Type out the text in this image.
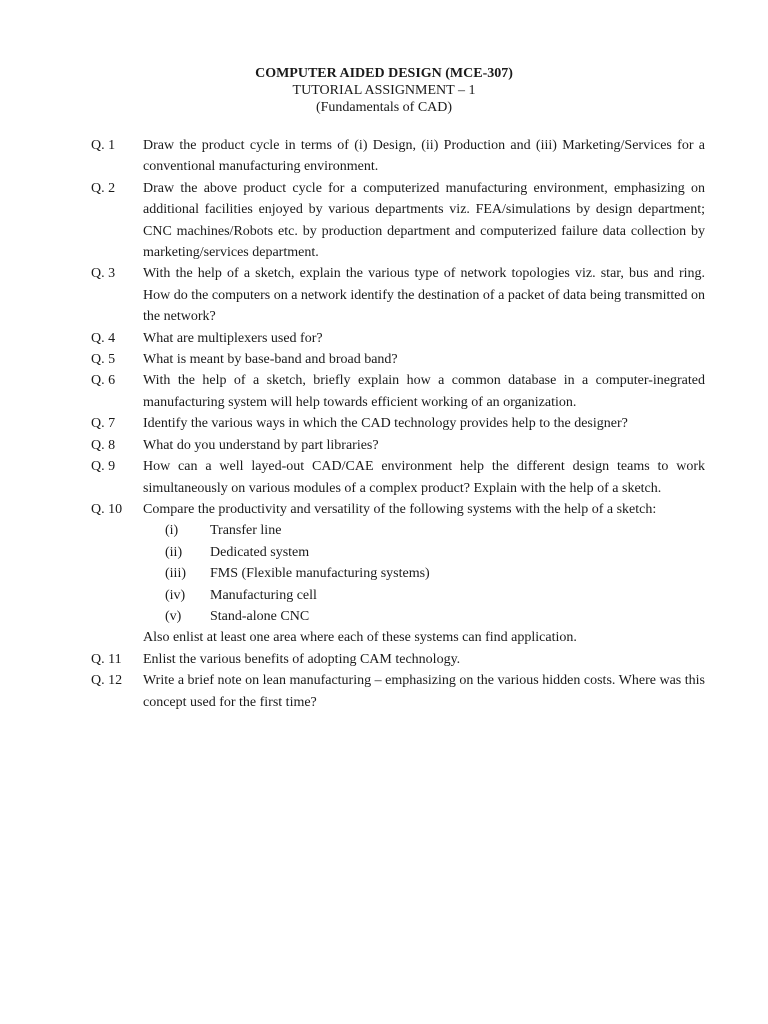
COMPUTER AIDED DESIGN (MCE-307)
TUTORIAL ASSIGNMENT – 1
(Fundamentals of CAD)
Q. 1	Draw the product cycle in terms of (i) Design, (ii) Production and (iii) Marketing/Services for a conventional manufacturing environment.
Q. 2	Draw the above product cycle for a computerized manufacturing environment, emphasizing on additional facilities enjoyed by various departments viz. FEA/simulations by design department; CNC machines/Robots etc. by production department and computerized failure data collection by marketing/services department.
Q. 3	With the help of a sketch, explain the various type of network topologies viz. star, bus and ring. How do the computers on a network identify the destination of a packet of data being transmitted on the network?
Q. 4	What are multiplexers used for?
Q. 5	What is meant by base-band and broad band?
Q. 6	With the help of a sketch, briefly explain how a common database in a computer-inegrated manufacturing system will help towards efficient working of an organization.
Q. 7	Identify the various ways in which the CAD technology provides help to the designer?
Q. 8	What do you understand by part libraries?
Q. 9	How can a well layed-out CAD/CAE environment help the different design teams to work simultaneously on various modules of a complex product? Explain with the help of a sketch.
Q. 10	Compare the productivity and versatility of the following systems with the help of a sketch:
(i)	Transfer line
(ii)	Dedicated system
(iii)	FMS (Flexible manufacturing systems)
(iv)	Manufacturing cell
(v)	Stand-alone CNC
Also enlist at least one area where each of these systems can find application.
Q. 11	Enlist the various benefits of adopting CAM technology.
Q. 12	Write a brief note on lean manufacturing – emphasizing on the various hidden costs. Where was this concept used for the first time?
